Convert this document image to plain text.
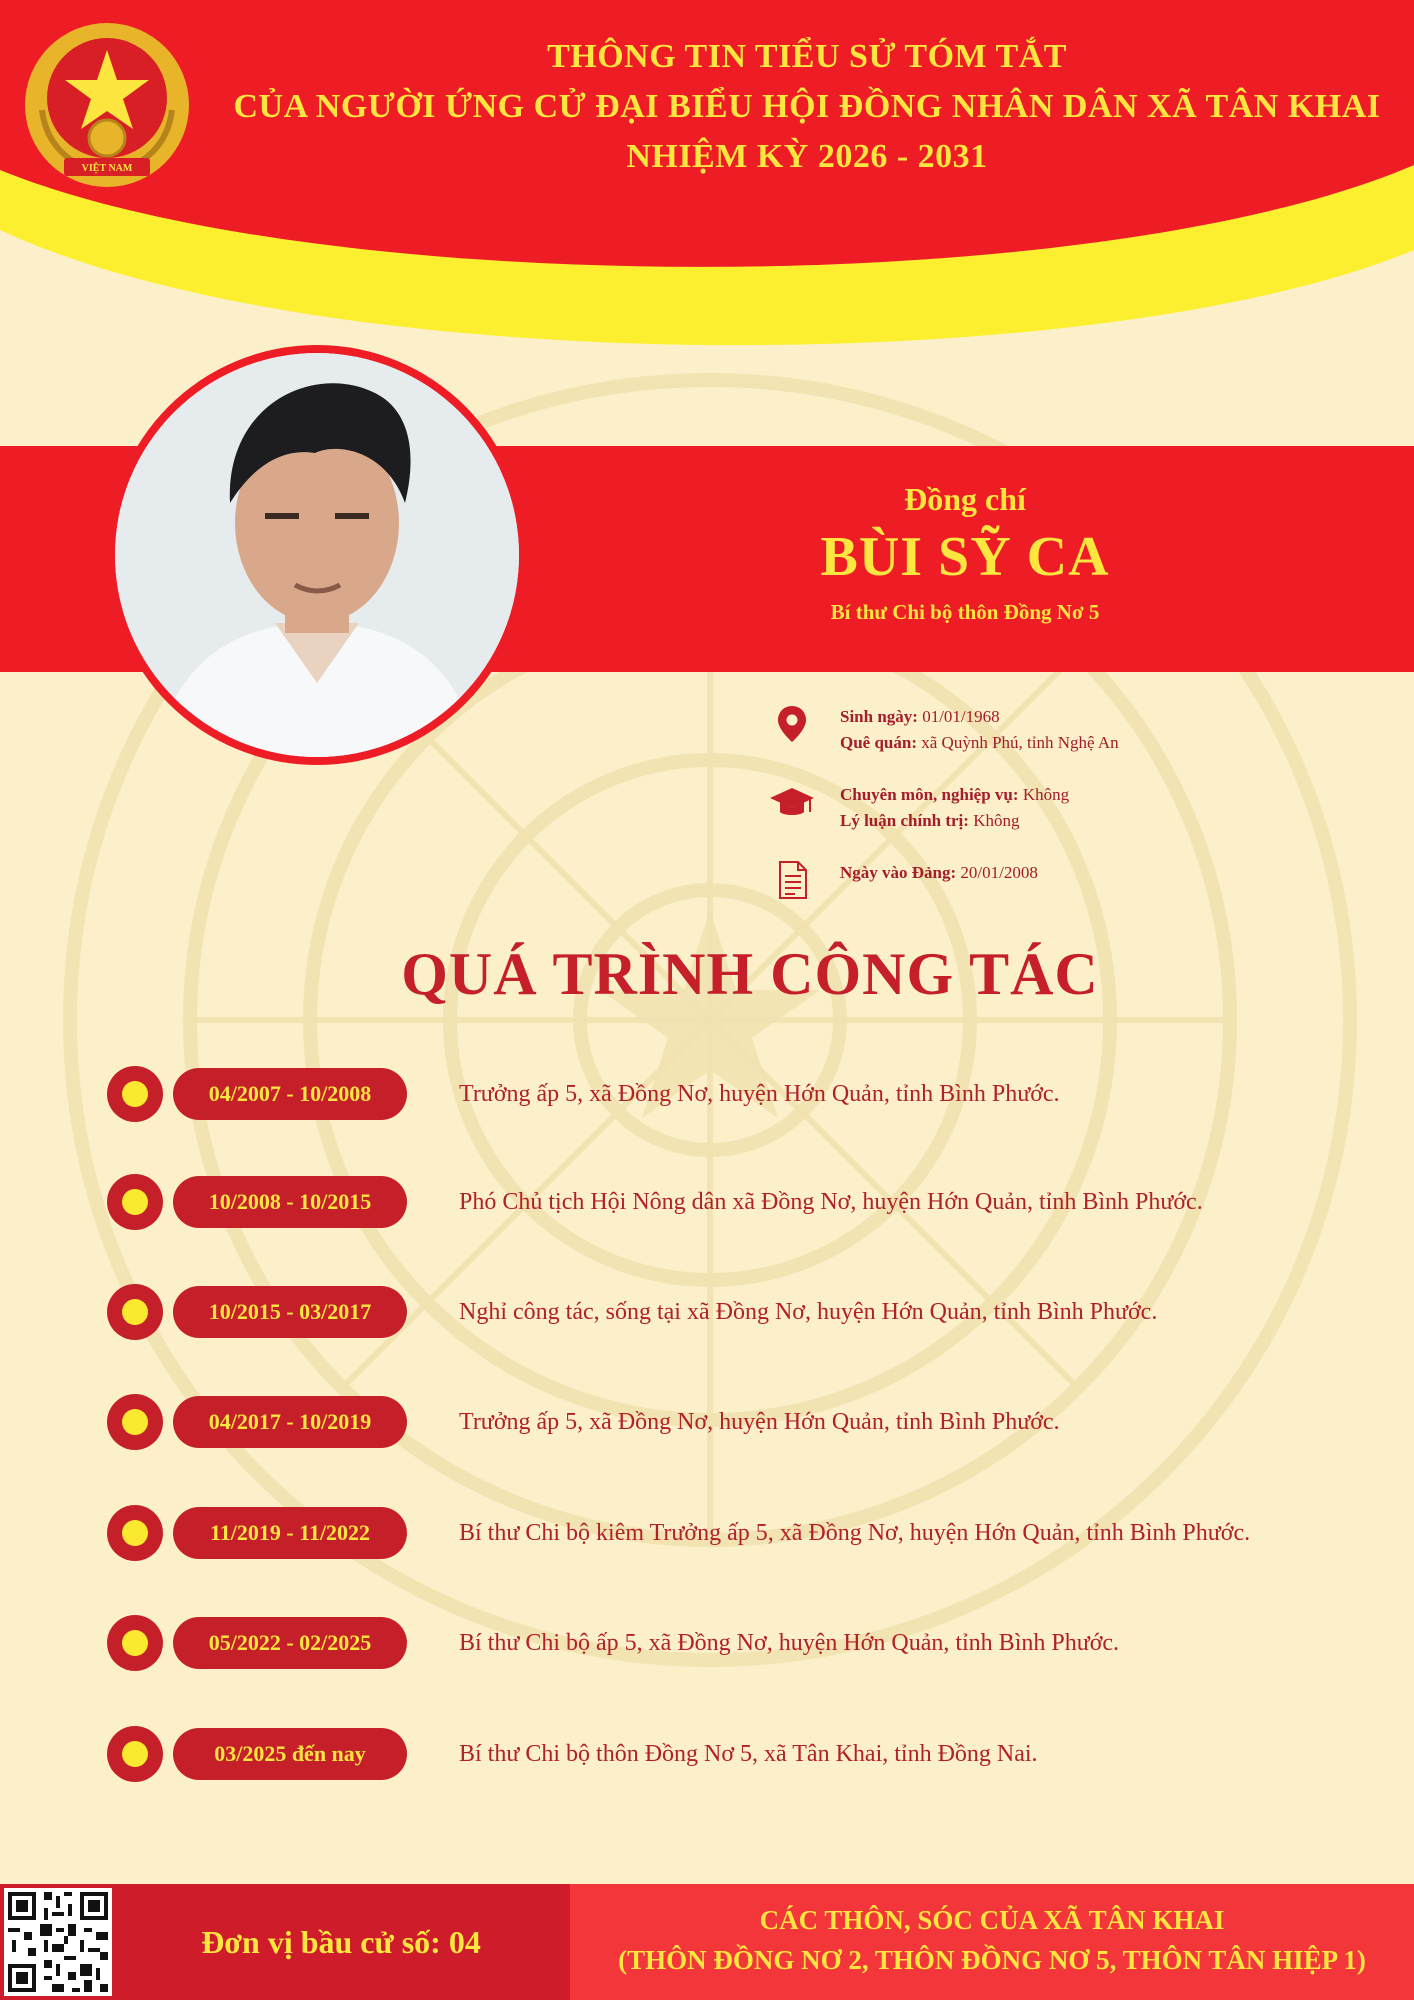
VIỆT NAM
THÔNG TIN TIỂU SỬ TÓM TẮT
CỦA NGƯỜI ỨNG CỬ ĐẠI BIỂU HỘI ĐỒNG NHÂN DÂN XÃ TÂN KHAI
NHIỆM KỲ 2026 - 2031
Đồng chí
BÙI SỸ CA
Bí thư Chi bộ thôn Đồng Nơ 5
Sinh ngày: 01/01/1968
Quê quán: xã Quỳnh Phú, tỉnh Nghệ An
Chuyên môn, nghiệp vụ: Không
Lý luận chính trị: Không
Ngày vào Đảng: 20/01/2008
QUÁ TRÌNH CÔNG TÁC
04/2007 - 10/2008	Trưởng ấp 5, xã Đồng Nơ, huyện Hớn Quản, tỉnh Bình Phước.
10/2008 - 10/2015	Phó Chủ tịch Hội Nông dân xã Đồng Nơ, huyện Hớn Quản, tỉnh Bình Phước.
10/2015 - 03/2017	Nghỉ công tác, sống tại xã Đồng Nơ, huyện Hớn Quản, tỉnh Bình Phước.
04/2017 - 10/2019	Trưởng ấp 5, xã Đồng Nơ, huyện Hớn Quản, tỉnh Bình Phước.
11/2019 - 11/2022	Bí thư Chi bộ kiêm Trưởng ấp 5, xã Đồng Nơ, huyện Hớn Quản, tỉnh Bình Phước.
05/2022 - 02/2025	Bí thư Chi bộ ấp 5, xã Đồng Nơ, huyện Hớn Quản, tỉnh Bình Phước.
03/2025 đến nay	Bí thư Chi bộ thôn Đồng Nơ 5, xã Tân Khai, tỉnh Đồng Nai.
Đơn vị bầu cử số: 04
CÁC THÔN, SÓC CỦA XÃ TÂN KHAI
(THÔN ĐỒNG NƠ 2, THÔN ĐỒNG NƠ 5, THÔN TÂN HIỆP 1)
